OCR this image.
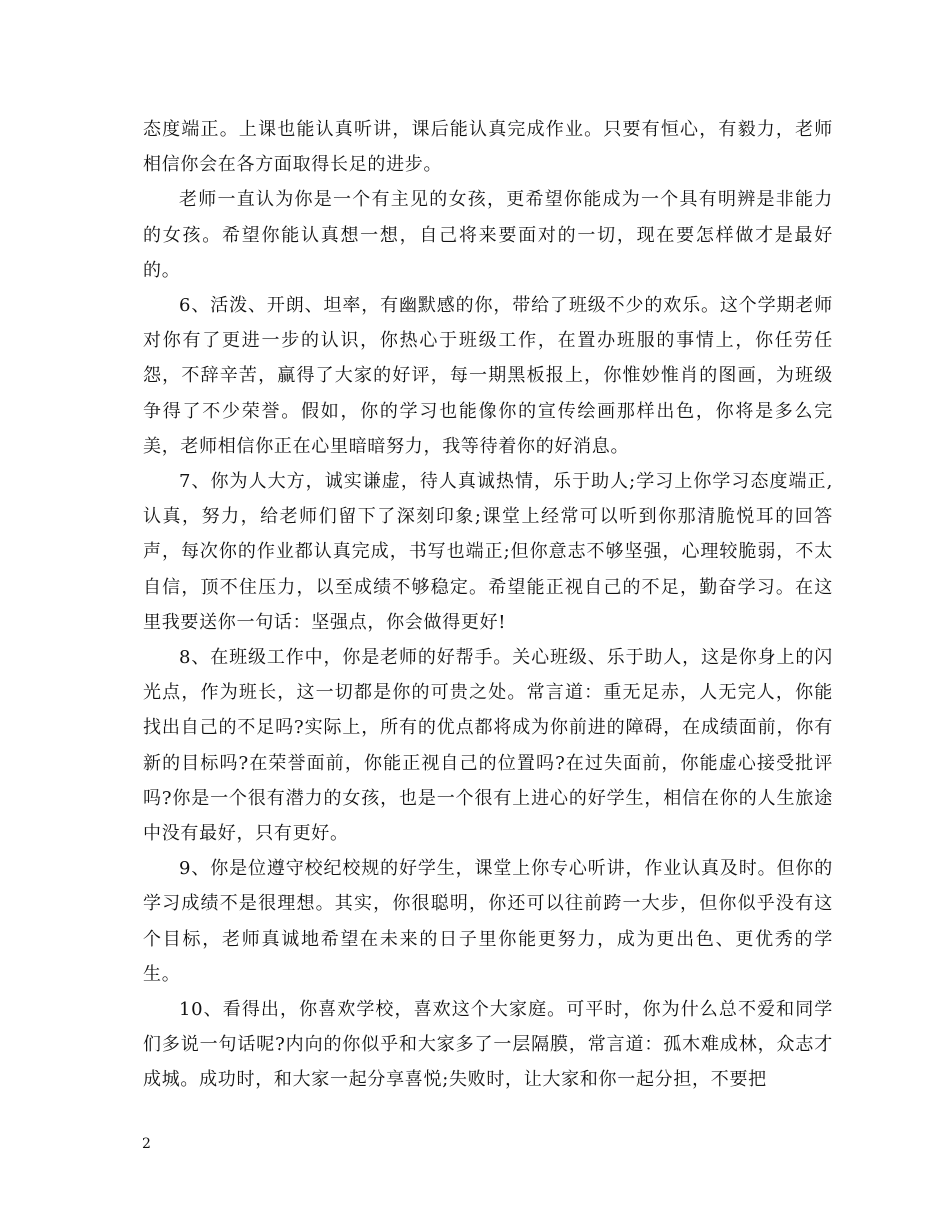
态度端正。上课也能认真听讲，课后能认真完成作业。只要有恒心，有毅力，老师相信你会在各方面取得长足的进步。

老师一直认为你是一个有主见的女孩，更希望你能成为一个具有明辨是非能力的女孩。希望你能认真想一想，自己将来要面对的一切，现在要怎样做才是最好的。

6、活泼、开朗、坦率，有幽默感的你，带给了班级不少的欢乐。这个学期老师对你有了更进一步的认识，你热心于班级工作，在置办班服的事情上，你任劳任怨，不辞辛苦，赢得了大家的好评，每一期黑板报上，你惟妙惟肖的图画，为班级争得了不少荣誉。假如，你的学习也能像你的宣传绘画那样出色，你将是多么完美，老师相信你正在心里暗暗努力，我等待着你的好消息。

7、你为人大方，诚实谦虚，待人真诚热情，乐于助人;学习上你学习态度端正,认真，努力，给老师们留下了深刻印象;课堂上经常可以听到你那清脆悦耳的回答声，每次你的作业都认真完成，书写也端正;但你意志不够坚强，心理较脆弱，不太自信，顶不住压力，以至成绩不够稳定。希望能正视自己的不足，勤奋学习。在这里我要送你一句话：坚强点，你会做得更好!

8、在班级工作中，你是老师的好帮手。关心班级、乐于助人，这是你身上的闪光点，作为班长，这一切都是你的可贵之处。常言道：重无足赤，人无完人，你能找出自己的不足吗?实际上，所有的优点都将成为你前进的障碍，在成绩面前，你有新的目标吗?在荣誉面前，你能正视自己的位置吗?在过失面前，你能虚心接受批评吗?你是一个很有潜力的女孩，也是一个很有上进心的好学生，相信在你的人生旅途中没有最好，只有更好。

9、你是位遵守校纪校规的好学生，课堂上你专心听讲，作业认真及时。但你的学习成绩不是很理想。其实，你很聪明，你还可以往前跨一大步，但你似乎没有这个目标，老师真诚地希望在未来的日子里你能更努力，成为更出色、更优秀的学生。

10、看得出，你喜欢学校，喜欢这个大家庭。可平时，你为什么总不爱和同学们多说一句话呢?内向的你似乎和大家多了一层隔膜，常言道：孤木难成林，众志才成城。成功时，和大家一起分享喜悦;失败时，让大家和你一起分担，不要把

2
